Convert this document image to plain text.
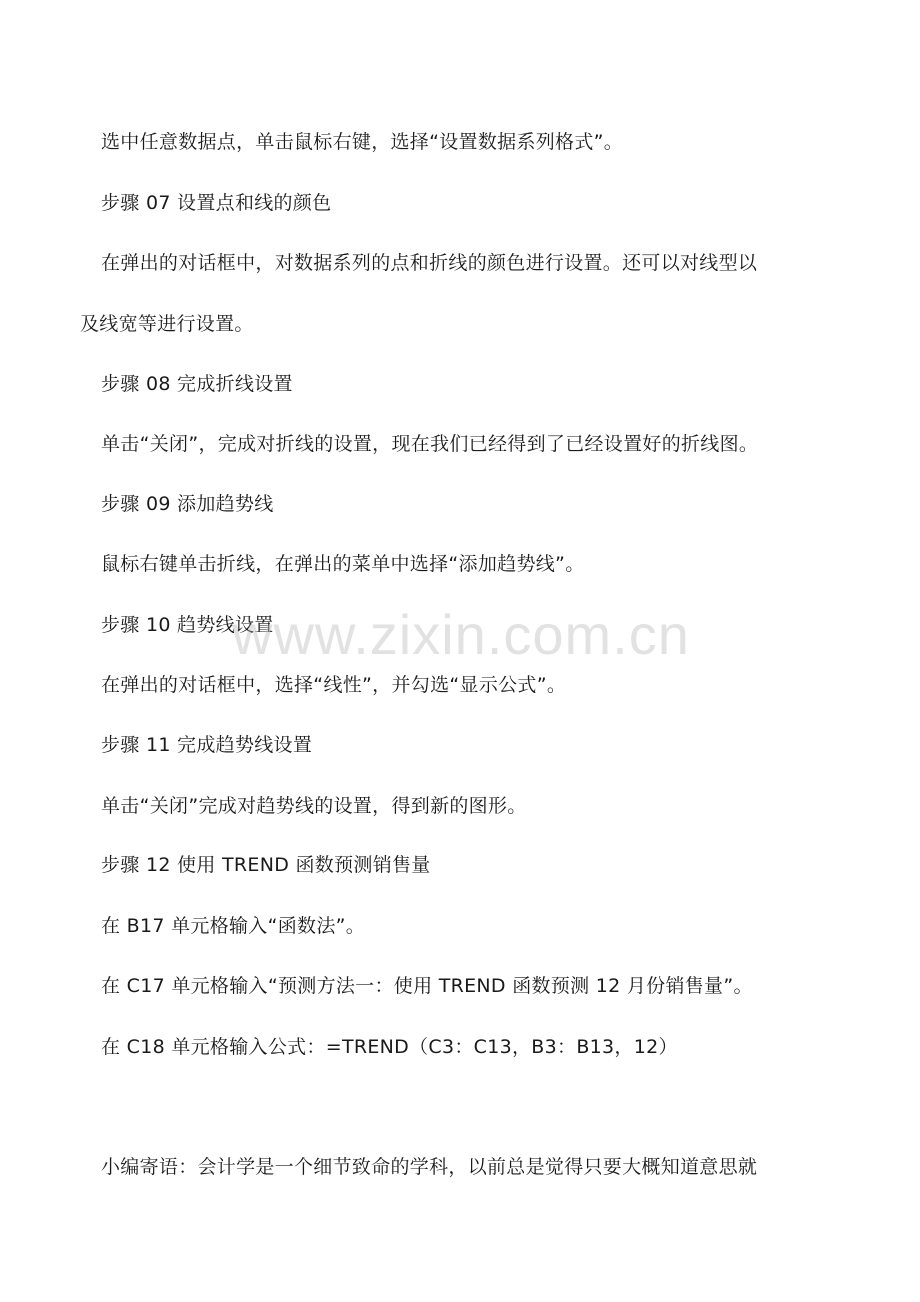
选中任意数据点，单击鼠标右键，选择“设置数据系列格式”。
步骤 07 设置点和线的颜色
在弹出的对话框中，对数据系列的点和折线的颜色进行设置。还可以对线型以
及线宽等进行设置。
步骤 08 完成折线设置
单击“关闭”，完成对折线的设置，现在我们已经得到了已经设置好的折线图。
步骤 09 添加趋势线
鼠标右键单击折线，在弹出的菜单中选择“添加趋势线”。
步骤 10 趋势线设置
在弹出的对话框中，选择“线性”，并勾选“显示公式”。
步骤 11 完成趋势线设置
单击“关闭”完成对趋势线的设置，得到新的图形。
步骤 12 使用 TREND 函数预测销售量
在 B17 单元格输入“函数法”。
在 C17 单元格输入“预测方法一：使用 TREND 函数预测 12 月份销售量”。
在 C18 单元格输入公式：=TREND（C3：C13，B3：B13，12）
小编寄语：会计学是一个细节致命的学科，以前总是觉得只要大概知道意思就
www.zixin.com.cn
